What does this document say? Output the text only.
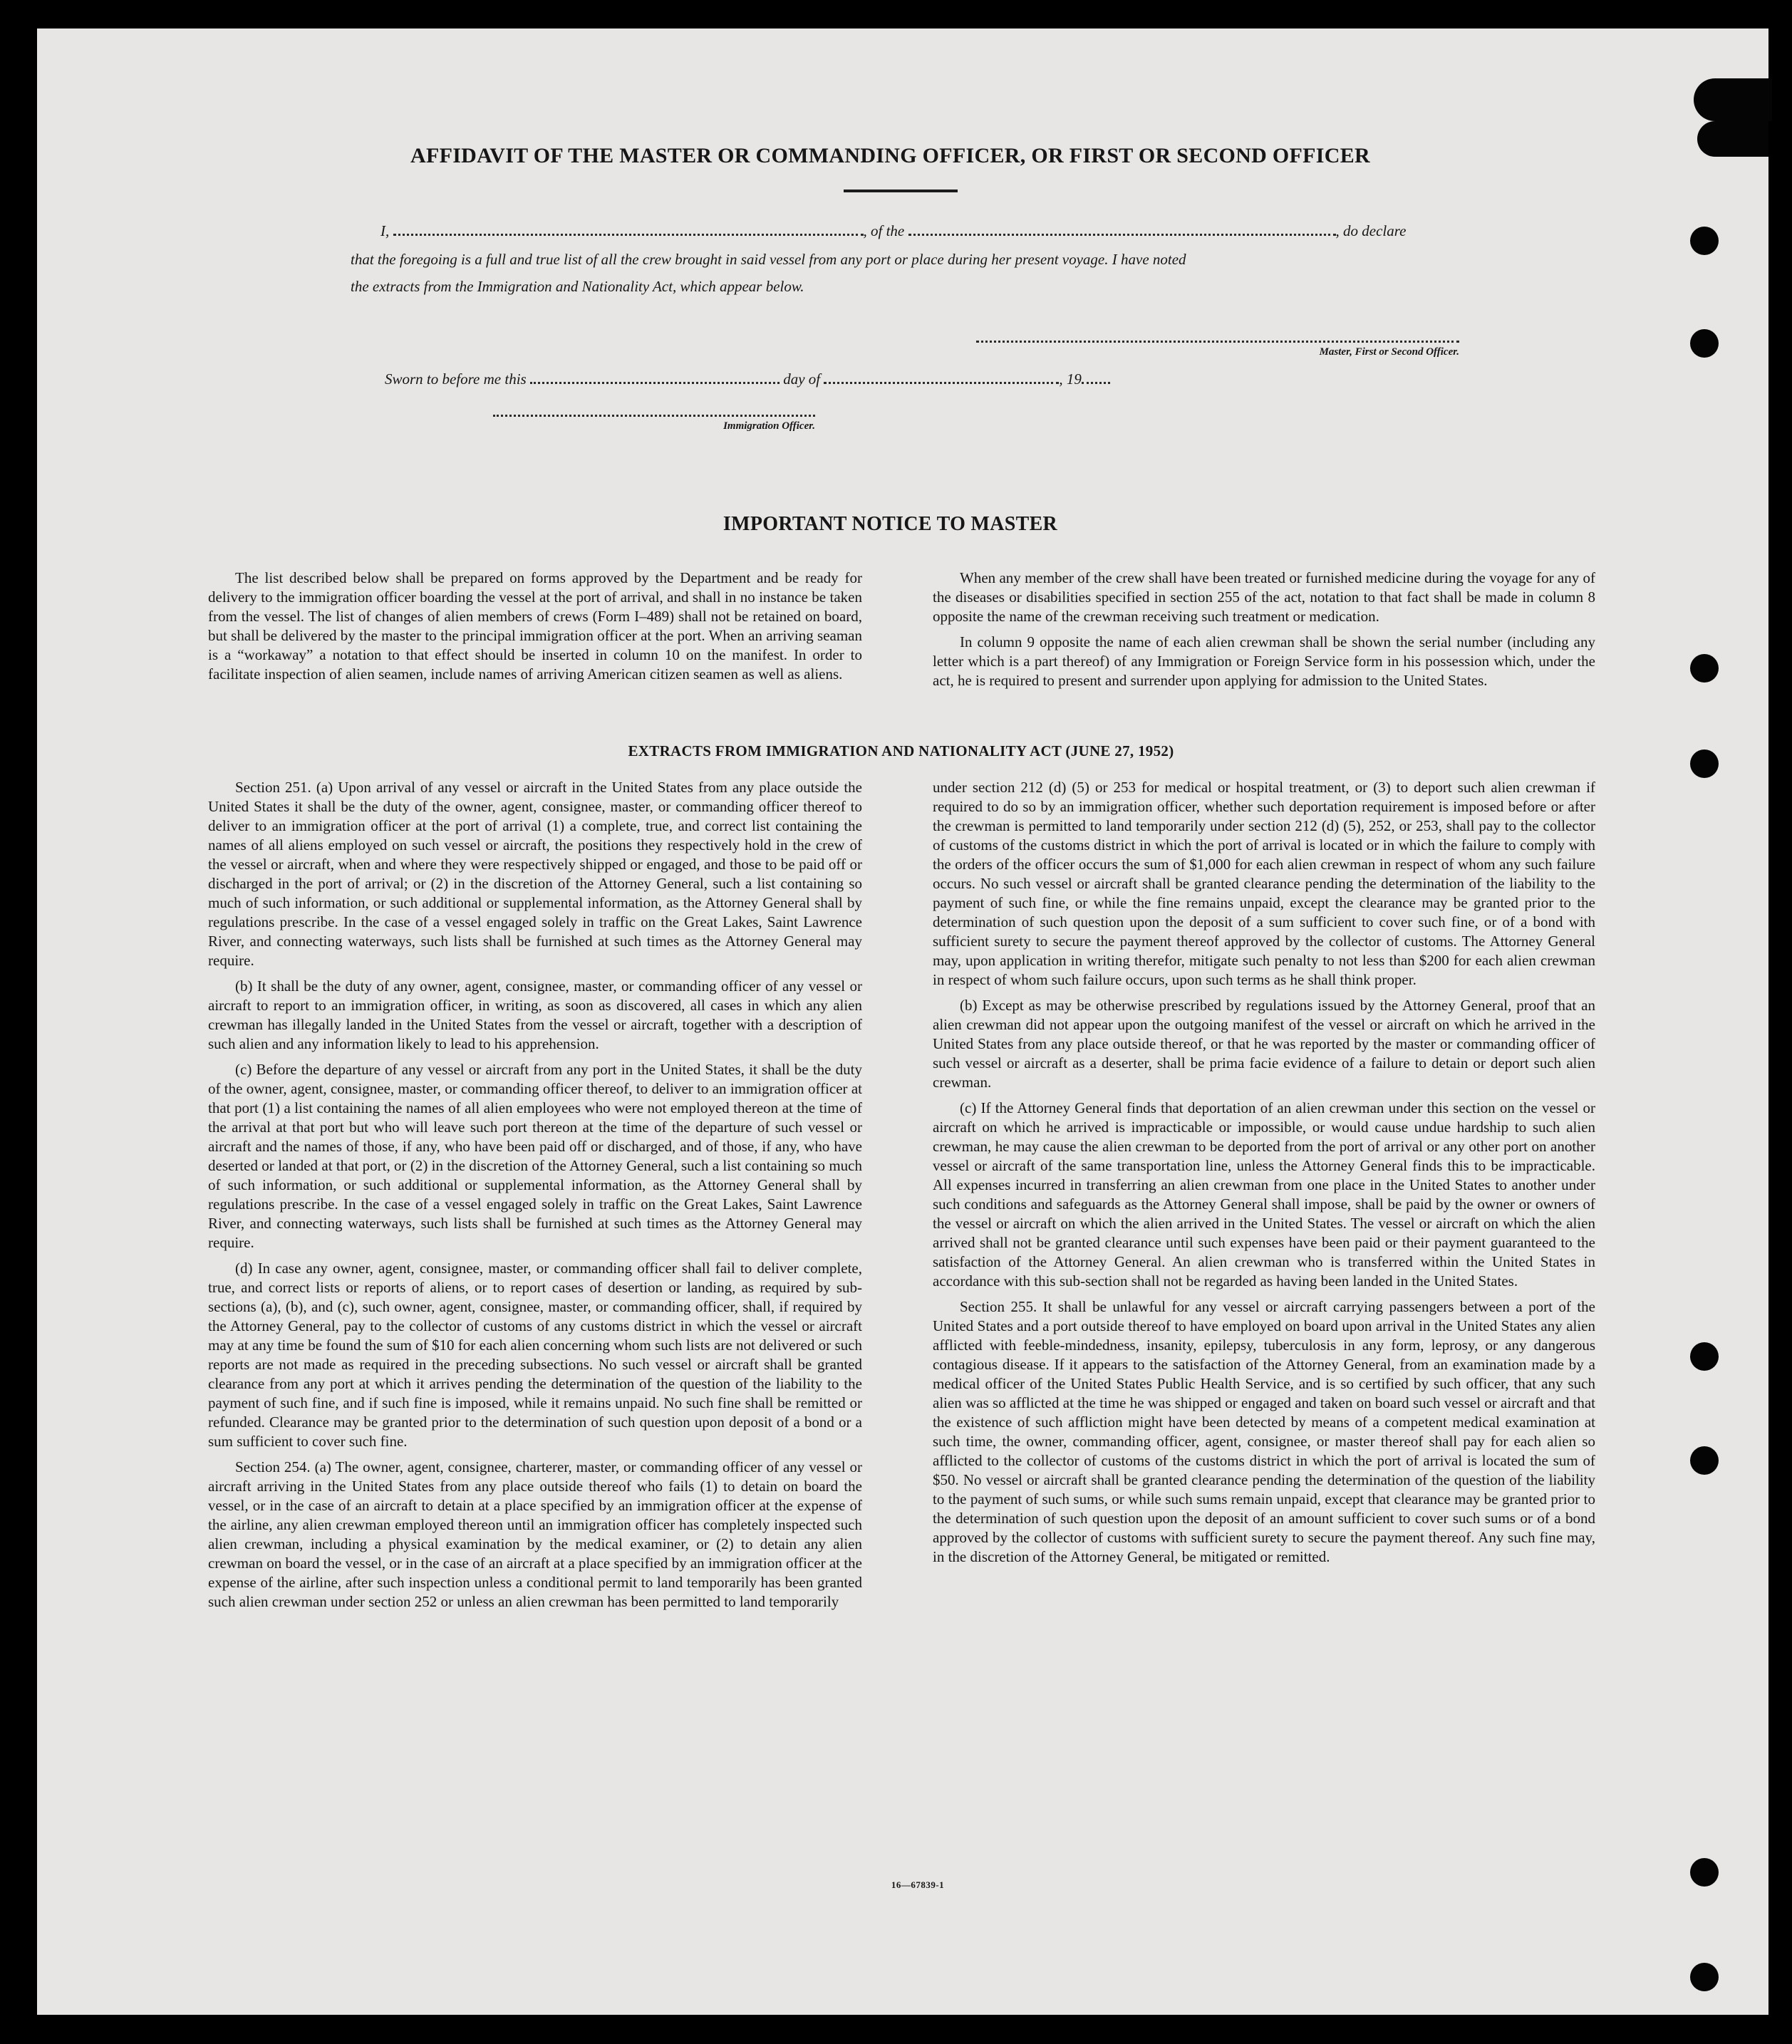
AFFIDAVIT OF THE MASTER OR COMMANDING OFFICER, OR FIRST OR SECOND OFFICER
I,	, of the	, do declare
that the foregoing is a full and true list of all the crew brought in said vessel from any port or place during her present voyage. I have noted
the extracts from the Immigration and Nationality Act, which appear below.
Master, First or Second Officer.
Sworn to before me this	day of	, 19
Immigration Officer.
IMPORTANT NOTICE TO MASTER

The list described below shall be prepared on forms approved by the Department and be ready for delivery to the immigration officer boarding the vessel at the port of arrival, and shall in no instance be taken from the vessel. The list of changes of alien members of crews (Form I–489) shall not be retained on board, but shall be delivered by the master to the principal immigration officer at the port. When an arriving seaman is a “workaway” a notation to that effect should be inserted in column 10 on the manifest. In order to facilitate inspection of alien seamen, include names of arriving American citizen seamen as well as aliens.

When any member of the crew shall have been treated or furnished medicine during the voyage for any of the diseases or disabilities specified in section 255 of the act, notation to that fact shall be made in column 8 opposite the name of the crewman receiving such treatment or medication.

In column 9 opposite the name of each alien crewman shall be shown the serial number (including any letter which is a part thereof) of any Immigration or Foreign Service form in his possession which, under the act, he is required to present and surrender upon applying for admission to the United States.

EXTRACTS FROM IMMIGRATION AND NATIONALITY ACT (JUNE 27, 1952)

Section 251. (a) Upon arrival of any vessel or aircraft in the United States from any place outside the United States it shall be the duty of the owner, agent, consignee, master, or commanding officer thereof to deliver to an immigration officer at the port of arrival (1) a complete, true, and correct list containing the names of all aliens employed on such vessel or aircraft, the positions they respectively hold in the crew of the vessel or aircraft, when and where they were respectively shipped or engaged, and those to be paid off or discharged in the port of arrival; or (2) in the discretion of the Attorney General, such a list containing so much of such information, or such additional or supplemental information, as the Attorney General shall by regulations prescribe. In the case of a vessel engaged solely in traffic on the Great Lakes, Saint Lawrence River, and connecting waterways, such lists shall be furnished at such times as the Attorney General may require.

(b) It shall be the duty of any owner, agent, consignee, master, or commanding officer of any vessel or aircraft to report to an immigration officer, in writing, as soon as discovered, all cases in which any alien crewman has illegally landed in the United States from the vessel or aircraft, together with a description of such alien and any information likely to lead to his apprehension.

(c) Before the departure of any vessel or aircraft from any port in the United States, it shall be the duty of the owner, agent, consignee, master, or commanding officer thereof, to deliver to an immigration officer at that port (1) a list containing the names of all alien employees who were not employed thereon at the time of the arrival at that port but who will leave such port thereon at the time of the departure of such vessel or aircraft and the names of those, if any, who have been paid off or discharged, and of those, if any, who have deserted or landed at that port, or (2) in the discretion of the Attorney General, such a list containing so much of such information, or such additional or supplemental information, as the Attorney General shall by regulations prescribe. In the case of a vessel engaged solely in traffic on the Great Lakes, Saint Lawrence River, and connecting waterways, such lists shall be furnished at such times as the Attorney General may require.

(d) In case any owner, agent, consignee, master, or commanding officer shall fail to deliver complete, true, and correct lists or reports of aliens, or to report cases of desertion or landing, as required by sub-sections (a), (b), and (c), such owner, agent, consignee, master, or commanding officer, shall, if required by the Attorney General, pay to the collector of customs of any customs district in which the vessel or aircraft may at any time be found the sum of $10 for each alien concerning whom such lists are not delivered or such reports are not made as required in the preceding subsections. No such vessel or aircraft shall be granted clearance from any port at which it arrives pending the determination of the question of the liability to the payment of such fine, and if such fine is imposed, while it remains unpaid. No such fine shall be remitted or refunded. Clearance may be granted prior to the determination of such question upon deposit of a bond or a sum sufficient to cover such fine.

Section 254. (a) The owner, agent, consignee, charterer, master, or commanding officer of any vessel or aircraft arriving in the United States from any place outside thereof who fails (1) to detain on board the vessel, or in the case of an aircraft to detain at a place specified by an immigration officer at the expense of the airline, any alien crewman employed thereon until an immigration officer has completely inspected such alien crewman, including a physical examination by the medical examiner, or (2) to detain any alien crewman on board the vessel, or in the case of an aircraft at a place specified by an immigration officer at the expense of the airline, after such inspection unless a conditional permit to land temporarily has been granted such alien crewman under section 252 or unless an alien crewman has been permitted to land temporarily

under section 212 (d) (5) or 253 for medical or hospital treatment, or (3) to deport such alien crewman if required to do so by an immigration officer, whether such deportation requirement is imposed before or after the crewman is permitted to land temporarily under section 212 (d) (5), 252, or 253, shall pay to the collector of customs of the customs district in which the port of arrival is located or in which the failure to comply with the orders of the officer occurs the sum of $1,000 for each alien crewman in respect of whom any such failure occurs. No such vessel or aircraft shall be granted clearance pending the determination of the liability to the payment of such fine, or while the fine remains unpaid, except the clearance may be granted prior to the determination of such question upon the deposit of a sum sufficient to cover such fine, or of a bond with sufficient surety to secure the payment thereof approved by the collector of customs. The Attorney General may, upon application in writing therefor, mitigate such penalty to not less than $200 for each alien crewman in respect of whom such failure occurs, upon such terms as he shall think proper.

(b) Except as may be otherwise prescribed by regulations issued by the Attorney General, proof that an alien crewman did not appear upon the outgoing manifest of the vessel or aircraft on which he arrived in the United States from any place outside thereof, or that he was reported by the master or commanding officer of such vessel or aircraft as a deserter, shall be prima facie evidence of a failure to detain or deport such alien crewman.

(c) If the Attorney General finds that deportation of an alien crewman under this section on the vessel or aircraft on which he arrived is impracticable or impossible, or would cause undue hardship to such alien crewman, he may cause the alien crewman to be deported from the port of arrival or any other port on another vessel or aircraft of the same transportation line, unless the Attorney General finds this to be impracticable. All expenses incurred in transferring an alien crewman from one place in the United States to another under such conditions and safeguards as the Attorney General shall impose, shall be paid by the owner or owners of the vessel or aircraft on which the alien arrived in the United States. The vessel or aircraft on which the alien arrived shall not be granted clearance until such expenses have been paid or their payment guaranteed to the satisfaction of the Attorney General. An alien crewman who is transferred within the United States in accordance with this sub-section shall not be regarded as having been landed in the United States.

Section 255. It shall be unlawful for any vessel or aircraft carrying passengers between a port of the United States and a port outside thereof to have employed on board upon arrival in the United States any alien afflicted with feeble-mindedness, insanity, epilepsy, tuberculosis in any form, leprosy, or any dangerous contagious disease. If it appears to the satisfaction of the Attorney General, from an examination made by a medical officer of the United States Public Health Service, and is so certified by such officer, that any such alien was so afflicted at the time he was shipped or engaged and taken on board such vessel or aircraft and that the existence of such affliction might have been detected by means of a competent medical examination at such time, the owner, commanding officer, agent, consignee, or master thereof shall pay for each alien so afflicted to the collector of customs of the customs district in which the port of arrival is located the sum of $50. No vessel or aircraft shall be granted clearance pending the determination of the question of the liability to the payment of such sums, or while such sums remain unpaid, except that clearance may be granted prior to the determination of such question upon the deposit of an amount sufficient to cover such sums or of a bond approved by the collector of customs with sufficient surety to secure the payment thereof. Any such fine may, in the discretion of the Attorney General, be mitigated or remitted.

16—67839-1
